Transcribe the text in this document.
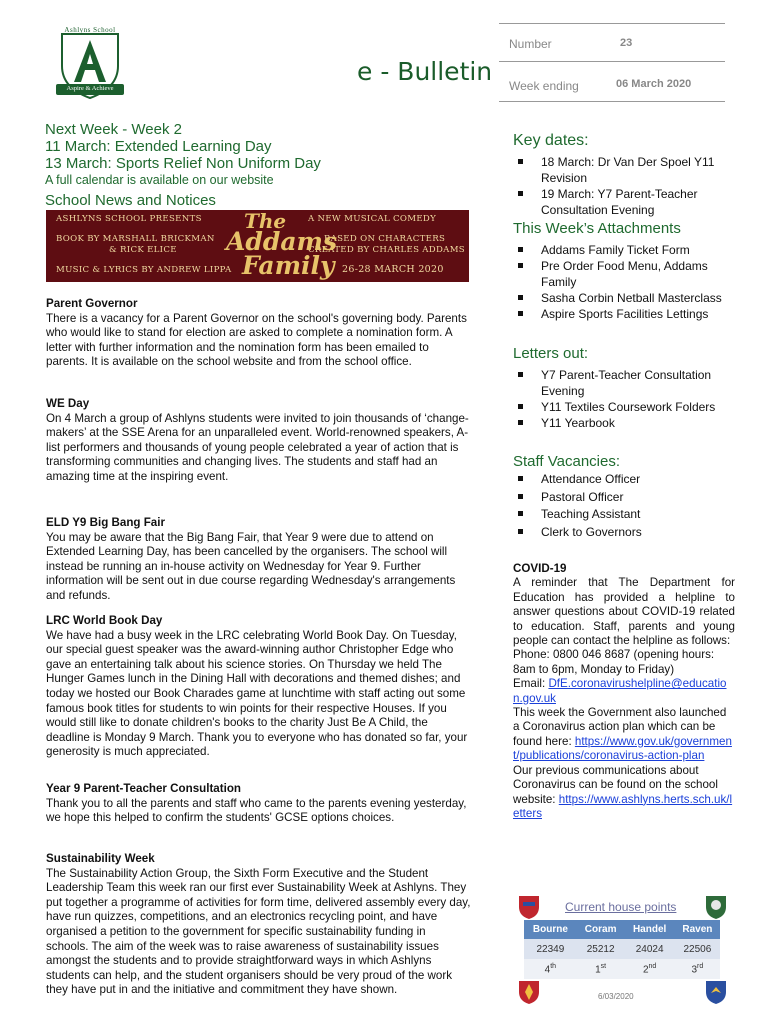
Ashlyns School
Aspire & Achieve
e - Bulletin
Number	23
Week ending	06 March 2020
Next Week - Week 2
11 March: Extended Learning Day
13 March: Sports Relief Non Uniform Day
A full calendar is available on our website
School News and Notices
ASHLYNS SCHOOL PRESENTS	A NEW MUSICAL COMEDY
BOOK BY MARSHALL BRICKMAN
& RICK ELICE
BASED ON CHARACTERS
CREATED BY CHARLES ADDAMS
MUSIC & LYRICS BY ANDREW LIPPA	26-28 MARCH 2020
The
Addams
Family
Parent Governor

There is a vacancy for a Parent Governor on the school's governing body. Parents who would like to stand for election are asked to complete a nomination form. A letter with further information and the nomination form has been emailed to parents. It is available on the school website and from the school office.

WE Day

On 4 March a group of Ashlyns students were invited to join thousands of ‘change-makers’ at the SSE Arena for an unparalleled event. World-renowned speakers, A-list performers and thousands of young people celebrated a year of action that is transforming communities and changing lives. The students and staff had an amazing time at the inspiring event.

ELD Y9 Big Bang Fair

You may be aware that the Big Bang Fair, that Year 9 were due to attend on Extended Learning Day, has been cancelled by the organisers. The school will instead be running an in-house activity on Wednesday for Year 9. Further information will be sent out in due course regarding Wednesday's arrangements and refunds.

LRC World Book Day

We have had a busy week in the LRC celebrating World Book Day. On Tuesday, our special guest speaker was the award-winning author Christopher Edge who gave an entertaining talk about his science stories. On Thursday we held The Hunger Games lunch in the Dining Hall with decorations and themed dishes; and today we hosted our Book Charades game at lunchtime with staff acting out some famous book titles for students to win points for their respective Houses. If you would still like to donate children's books to the charity Just Be A Child, the deadline is Monday 9 March. Thank you to everyone who has donated so far, your generosity is much appreciated.

Year 9 Parent-Teacher Consultation

Thank you to all the parents and staff who came to the parents evening yesterday, we hope this helped to confirm the students' GCSE options choices.

Sustainability Week

The Sustainability Action Group, the Sixth Form Executive and the Student Leadership Team this week ran our first ever Sustainability Week at Ashlyns. They put together a programme of activities for form time, delivered assembly every day, have run quizzes, competitions, and an electronics recycling point, and have organised a petition to the government for specific sustainability funding in schools. The aim of the week was to raise awareness of sustainability issues amongst the students and to provide straightforward ways in which Ashlyns students can help, and the student organisers should be very proud of the work they have put in and the initiative and commitment they have shown.

Key dates:
18 March: Dr Van Der Spoel Y11 Revision
19 March: Y7 Parent-Teacher Consultation Evening
This Week’s Attachments
Addams Family Ticket Form
Pre Order Food Menu, Addams Family
Sasha Corbin Netball Masterclass
Aspire Sports Facilities Lettings
Letters out:
Y7 Parent-Teacher Consultation Evening
Y11 Textiles Coursework Folders
Y11 Yearbook
Staff Vacancies:
Attendance Officer
Pastoral Officer
Teaching Assistant
Clerk to Governors
COVID-19

A reminder that The Department for Education has provided a helpline to answer questions about COVID-19 related to education. Staff, parents and young people can contact the helpline as follows:

Phone: 0800 046 8687 (opening hours: 8am to 6pm, Monday to Friday)

Email: DfE.coronavirushelpline@education.gov.uk

This week the Government also launched a Coronavirus action plan which can be found here: https://www.gov.uk/government/publications/coronavirus-action-plan

Our previous communications about Coronavirus can be found on the school website: https://www.ashlyns.herts.sch.uk/letters

Current house points
Bourne	Coram	Handel	Raven
22349	25212	24024	22506
4th	1st	2nd	3rd
6/03/2020
